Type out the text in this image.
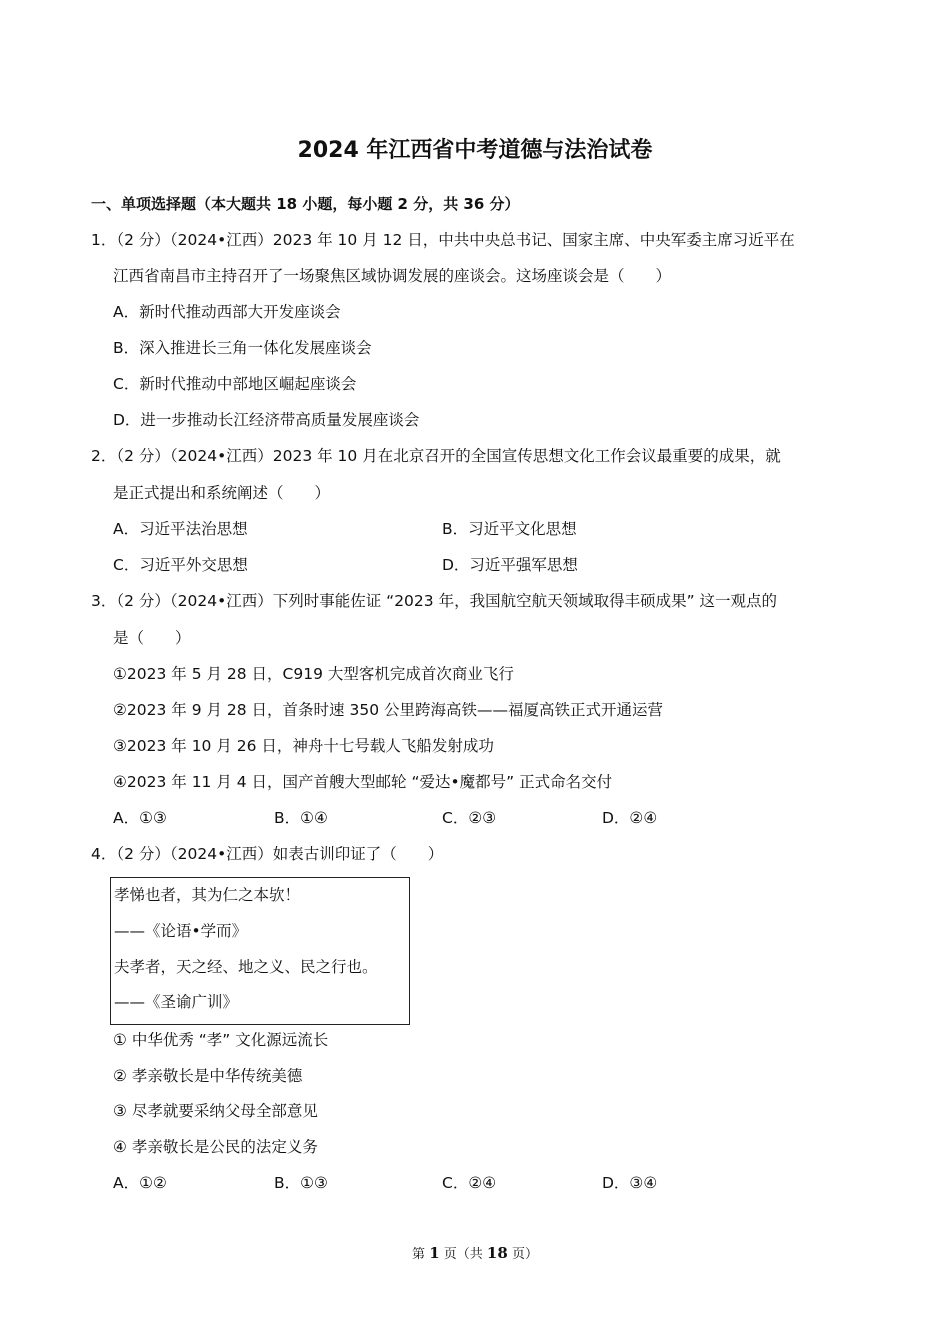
2024 年江西省中考道德与法治试卷
一、单项选择题（本大题共 18 小题，每小题 2 分，共 36 分）
1．（2 分）（2024•江西）2023 年 10 月 12 日，中共中央总书记、国家主席、中央军委主席习近平在
江西省南昌市主持召开了一场聚焦区域协调发展的座谈会。这场座谈会是（　　）
A．新时代推动西部大开发座谈会
B．深入推进长三角一体化发展座谈会
C．新时代推动中部地区崛起座谈会
D．进一步推动长江经济带高质量发展座谈会
2．（2 分）（2024•江西）2023 年 10 月在北京召开的全国宣传思想文化工作会议最重要的成果，就
是正式提出和系统阐述（　　）
A．习近平法治思想	B．习近平文化思想
C．习近平外交思想	D．习近平强军思想
3．（2 分）（2024•江西）下列时事能佐证 “2023 年，我国航空航天领域取得丰硕成果” 这一观点的
是（　　）
①2023 年 5 月 28 日，C919 大型客机完成首次商业飞行
②2023 年 9 月 28 日，首条时速 350 公里跨海高铁——福厦高铁正式开通运营
③2023 年 10 月 26 日，神舟十七号载人飞船发射成功
④2023 年 11 月 4 日，国产首艘大型邮轮 “爱达•魔都号” 正式命名交付
A．①③	B．①④	C．②③	D．②④
4．（2 分）（2024•江西）如表古训印证了（　　）
孝悌也者，其为仁之本欤！
——《论语•学而》
夫孝者，天之经、地之义、民之行也。
——《圣谕广训》
① 中华优秀 “孝” 文化源远流长
② 孝亲敬长是中华传统美德
③ 尽孝就要采纳父母全部意见
④ 孝亲敬长是公民的法定义务
A．①②	B．①③	C．②④	D．③④
第 1 页（共 18 页）
